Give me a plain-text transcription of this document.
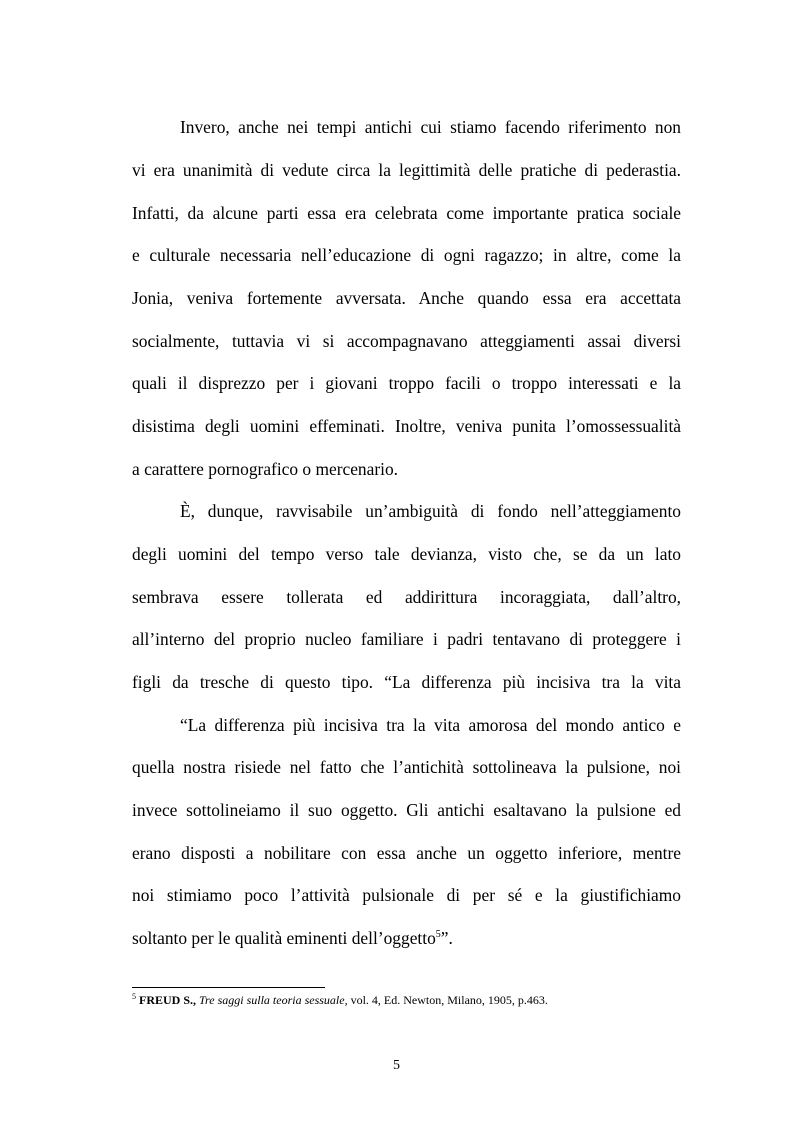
Invero, anche nei tempi antichi cui stiamo facendo riferimento non
vi era unanimità di vedute circa la legittimità delle pratiche di pederastia.
Infatti, da alcune parti essa era celebrata come importante pratica sociale
e culturale necessaria nell’educazione di ogni ragazzo; in altre, come la
Jonia, veniva fortemente avversata. Anche quando essa era accettata
socialmente, tuttavia vi si accompagnavano atteggiamenti assai diversi
quali il disprezzo per i giovani troppo facili o troppo interessati e la
disistima degli uomini effeminati. Inoltre, veniva punita l’omossessualità
a carattere pornografico o mercenario.
È, dunque, ravvisabile un’ambiguità di fondo nell’atteggiamento
degli uomini del tempo verso tale devianza, visto che, se da un lato
sembrava essere tollerata ed addirittura incoraggiata, dall’altro,
all’interno del proprio nucleo familiare i padri tentavano di proteggere i
figli da tresche di questo tipo. “La differenza più incisiva tra la vita
“La differenza più incisiva tra la vita amorosa del mondo antico e
quella nostra risiede nel fatto che l’antichità sottolineava la pulsione, noi
invece sottolineiamo il suo oggetto. Gli antichi esaltavano la pulsione ed
erano disposti a nobilitare con essa anche un oggetto inferiore, mentre
noi stimiamo poco l’attività pulsionale di per sé e la giustifichiamo
soltanto per le qualità eminenti dell’oggetto$^5$”.
$^5$ FREUD S., Tre saggi sulla teoria sessuale, vol. 4, Ed. Newton, Milano, 1905, p.463.
5
